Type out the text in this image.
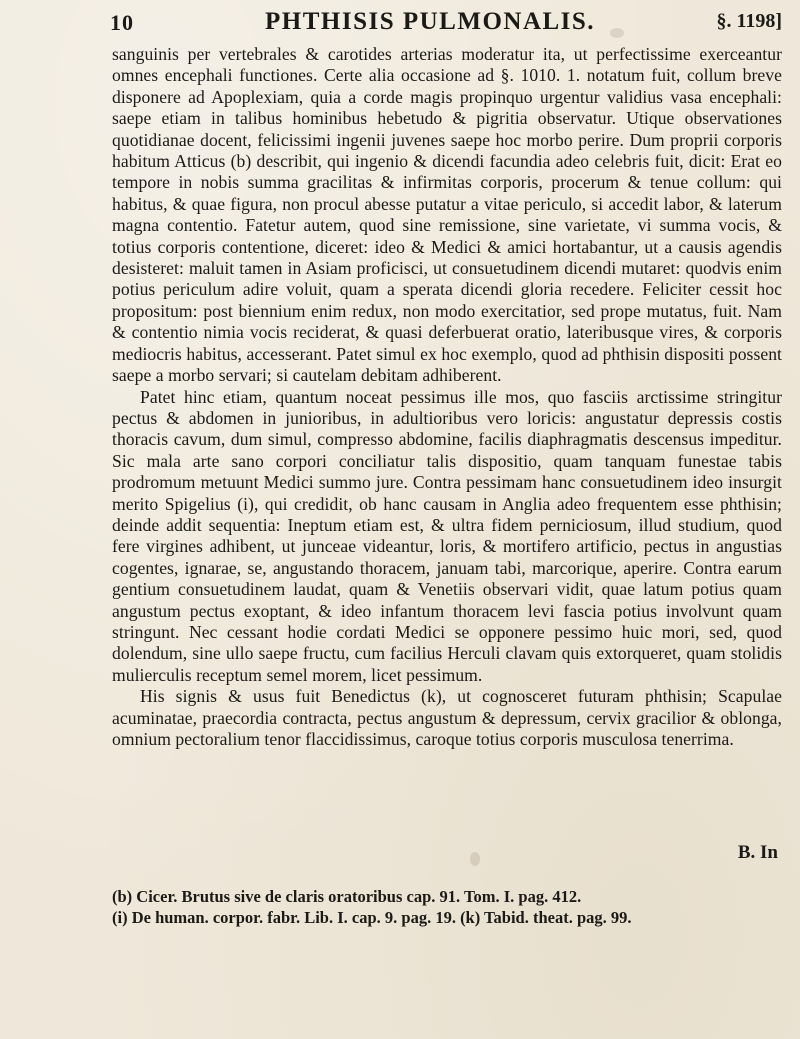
10	PHTHISIS PULMONALIS.	§. 1198]

sanguinis per vertebrales & carotides arterias moderatur ita, ut perfectissime exerceantur omnes encephali functiones. Certe alia occasione ad §. 1010. 1. notatum fuit, collum breve disponere ad Apoplexiam, quia a corde magis propinquo urgentur validius vasa encephali: saepe etiam in talibus hominibus hebetudo & pigritia observatur. Utique observationes quotidianae docent, felicissimi ingenii juvenes saepe hoc morbo perire. Dum proprii corporis habitum Atticus (b) describit, qui ingenio & dicendi facundia adeo celebris fuit, dicit: Erat eo tempore in nobis summa gracilitas & infirmitas corporis, procerum & tenue collum: qui habitus, & quae figura, non procul abesse putatur a vitae periculo, si accedit labor, & laterum magna contentio. Fatetur autem, quod sine remissione, sine varietate, vi summa vocis, & totius corporis contentione, diceret: ideo & Medici & amici hortabantur, ut a causis agendis desisteret: maluit tamen in Asiam proficisci, ut consuetudinem dicendi mutaret: quodvis enim potius periculum adire voluit, quam a sperata dicendi gloria recedere. Feliciter cessit hoc propositum: post biennium enim redux, non modo exercitatior, sed prope mutatus, fuit. Nam & contentio nimia vocis reciderat, & quasi deferbuerat oratio, lateribusque vires, & corporis mediocris habitus, accesserant. Patet simul ex hoc exemplo, quod ad phthisin dispositi possent saepe a morbo servari; si cautelam debitam adhiberent.

Patet hinc etiam, quantum noceat pessimus ille mos, quo fasciis arctissime stringitur pectus & abdomen in junioribus, in adultioribus vero loricis: angustatur depressis costis thoracis cavum, dum simul, compresso abdomine, facilis diaphragmatis descensus impeditur. Sic mala arte sano corpori conciliatur talis dispositio, quam tanquam funestae tabis prodromum metuunt Medici summo jure. Contra pessimam hanc consuetudinem ideo insurgit merito Spigelius (i), qui credidit, ob hanc causam in Anglia adeo frequentem esse phthisin; deinde addit sequentia: Ineptum etiam est, & ultra fidem perniciosum, illud studium, quod fere virgines adhibent, ut junceae videantur, loris, & mortifero artificio, pectus in angustias cogentes, ignarae, se, angustando thoracem, januam tabi, marcorique, aperire. Contra earum gentium consuetudinem laudat, quam & Venetiis observari vidit, quae latum potius quam angustum pectus exoptant, & ideo infantum thoracem levi fascia potius involvunt quam stringunt. Nec cessant hodie cordati Medici se opponere pessimo huic mori, sed, quod dolendum, sine ullo saepe fructu, cum facilius Herculi clavam quis extorqueret, quam stolidis mulierculis receptum semel morem, licet pessimum.

His signis & usus fuit Benedictus (k), ut cognosceret futuram phthisin; Scapulae acuminatae, praecordia contracta, pectus angustum & depressum, cervix gracilior & oblonga, omnium pectoralium tenor flaccidissimus, caroque totius corporis musculosa tenerrima.

B. In
(b) Cicer. Brutus sive de claris oratoribus cap. 91. Tom. I. pag. 412.
(i) De human. corpor. fabr. Lib. I. cap. 9. pag. 19. (k) Tabid. theat. pag. 99.
